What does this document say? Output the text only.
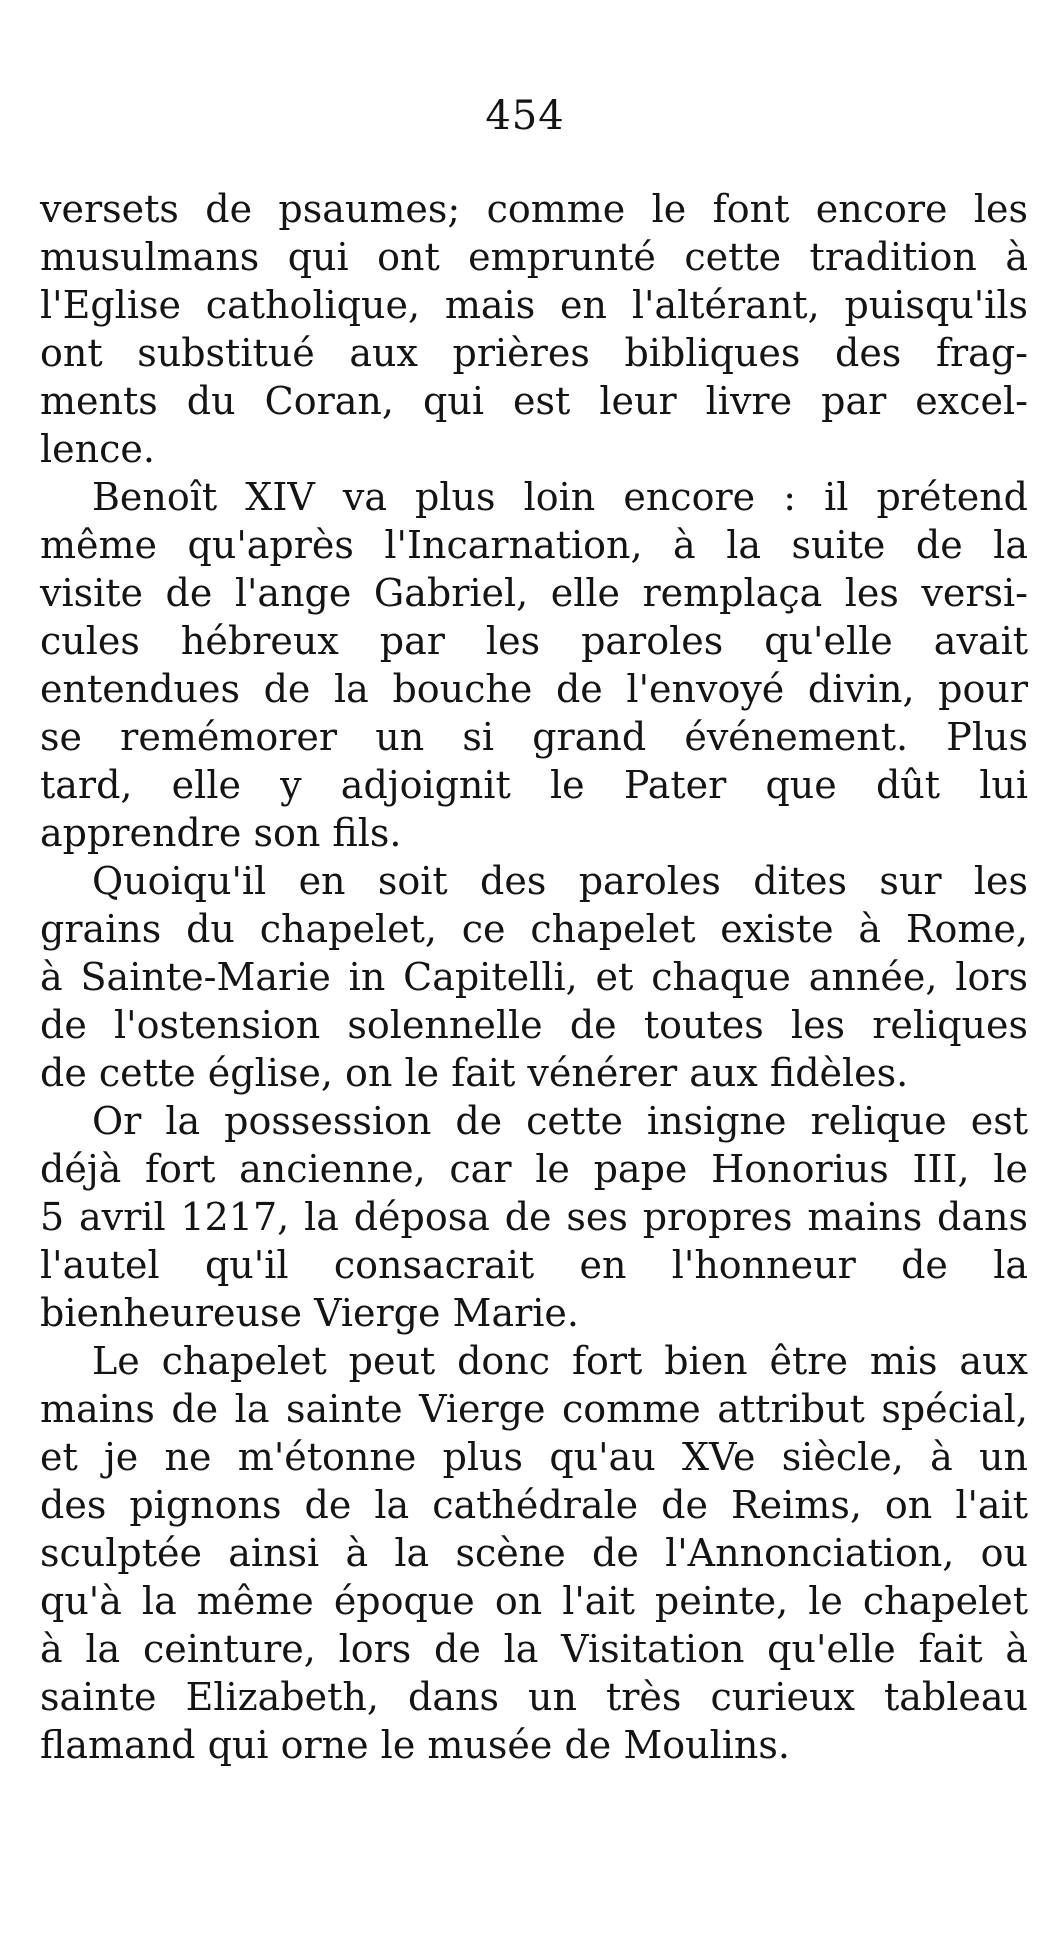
454
versets de psaumes; comme le font encore les
musulmans qui ont emprunté cette tradition à
l'Eglise catholique, mais en l'altérant, puisqu'ils
ont substitué aux prières bibliques des frag-
ments du Coran, qui est leur livre par excel-
lence.
Benoît XIV va plus loin encore : il prétend
même qu'après l'Incarnation, à la suite de la
visite de l'ange Gabriel, elle remplaça les versi-
cules hébreux par les paroles qu'elle avait
entendues de la bouche de l'envoyé divin, pour
se remémorer un si grand événement. Plus
tard, elle y adjoignit le Pater que dût lui
apprendre son fils.
Quoiqu'il en soit des paroles dites sur les
grains du chapelet, ce chapelet existe à Rome,
à Sainte-Marie in Capitelli, et chaque année, lors
de l'ostension solennelle de toutes les reliques
de cette église, on le fait vénérer aux fidèles.
Or la possession de cette insigne relique est
déjà fort ancienne, car le pape Honorius III, le
5 avril 1217, la déposa de ses propres mains dans
l'autel qu'il consacrait en l'honneur de la
bienheureuse Vierge Marie.
Le chapelet peut donc fort bien être mis aux
mains de la sainte Vierge comme attribut spécial,
et je ne m'étonne plus qu'au XVe siècle, à un
des pignons de la cathédrale de Reims, on l'ait
sculptée ainsi à la scène de l'Annonciation, ou
qu'à la même époque on l'ait peinte, le chapelet
à la ceinture, lors de la Visitation qu'elle fait à
sainte Elizabeth, dans un très curieux tableau
flamand qui orne le musée de Moulins.
